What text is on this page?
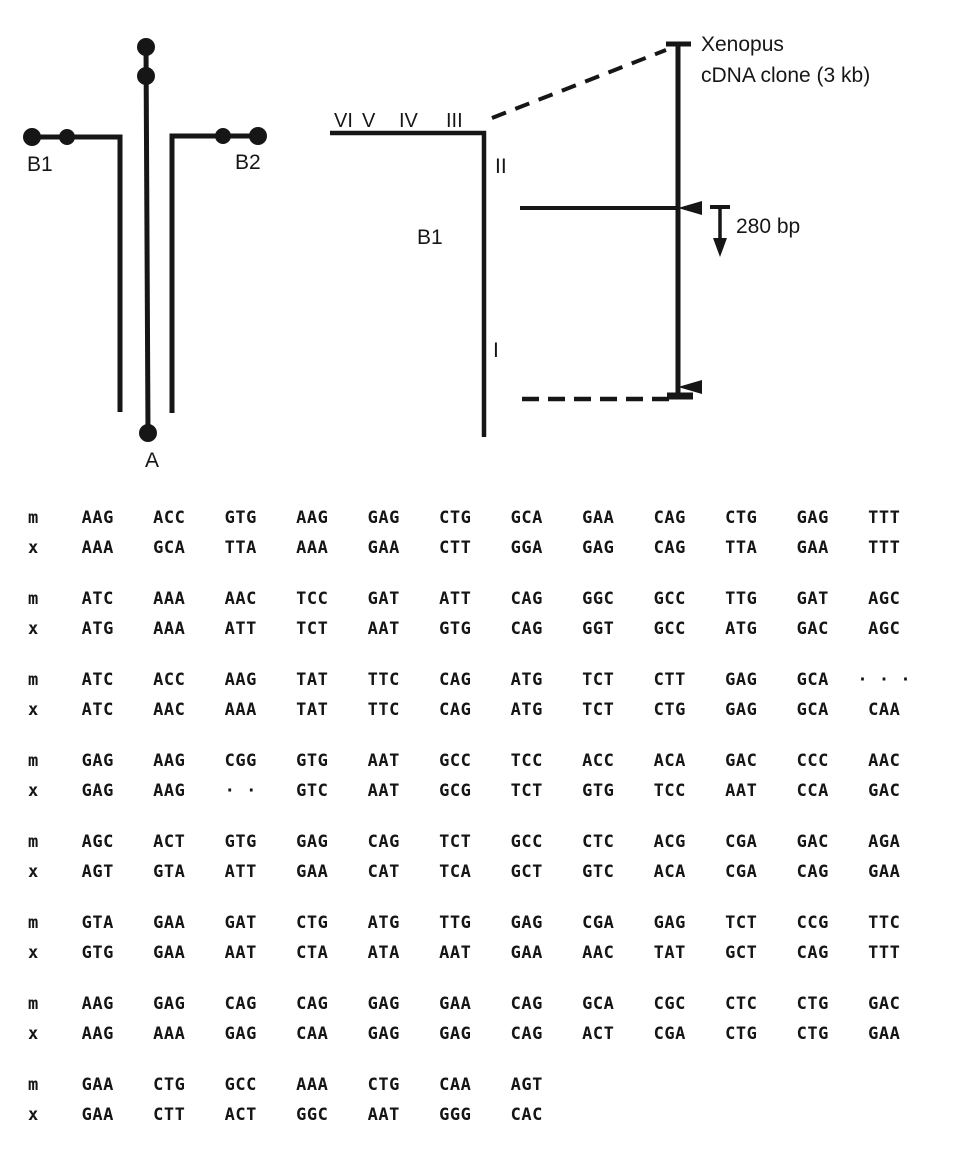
B1	B2
A
VI V IV III
II
B1
I
280 bp
Xenopus
cDNA clone (3 kb)
m	AAG	ACC	GTG	AAG	GAG	CTG	GCA	GAA	CAG	CTG	GAG	TTT
x	AAA	GCA	TTA	AAA	GAA	CTT	GGA	GAG	CAG	TTA	GAA	TTT
m	ATC	AAA	AAC	TCC	GAT	ATT	CAG	GGC	GCC	TTG	GAT	AGC
x	ATG	AAA	ATT	TCT	AAT	GTG	CAG	GGT	GCC	ATG	GAC	AGC
m	ATC	ACC	AAG	TAT	TTC	CAG	ATG	TCT	CTT	GAG	GCA	· · ·
x	ATC	AAC	AAA	TAT	TTC	CAG	ATG	TCT	CTG	GAG	GCA	CAA
m	GAG	AAG	CGG	GTG	AAT	GCC	TCC	ACC	ACA	GAC	CCC	AAC
x	GAG	AAG	· ·	GTC	AAT	GCG	TCT	GTG	TCC	AAT	CCA	GAC
m	AGC	ACT	GTG	GAG	CAG	TCT	GCC	CTC	ACG	CGA	GAC	AGA
x	AGT	GTA	ATT	GAA	CAT	TCA	GCT	GTC	ACA	CGA	CAG	GAA
m	GTA	GAA	GAT	CTG	ATG	TTG	GAG	CGA	GAG	TCT	CCG	TTC
x	GTG	GAA	AAT	CTA	ATA	AAT	GAA	AAC	TAT	GCT	CAG	TTT
m	AAG	GAG	CAG	CAG	GAG	GAA	CAG	GCA	CGC	CTC	CTG	GAC
x	AAG	AAA	GAG	CAA	GAG	GAG	CAG	ACT	CGA	CTG	CTG	GAA
m	GAA	CTG	GCC	AAA	CTG	CAA	AGT
x	GAA	CTT	ACT	GGC	AAT	GGG	CAC
